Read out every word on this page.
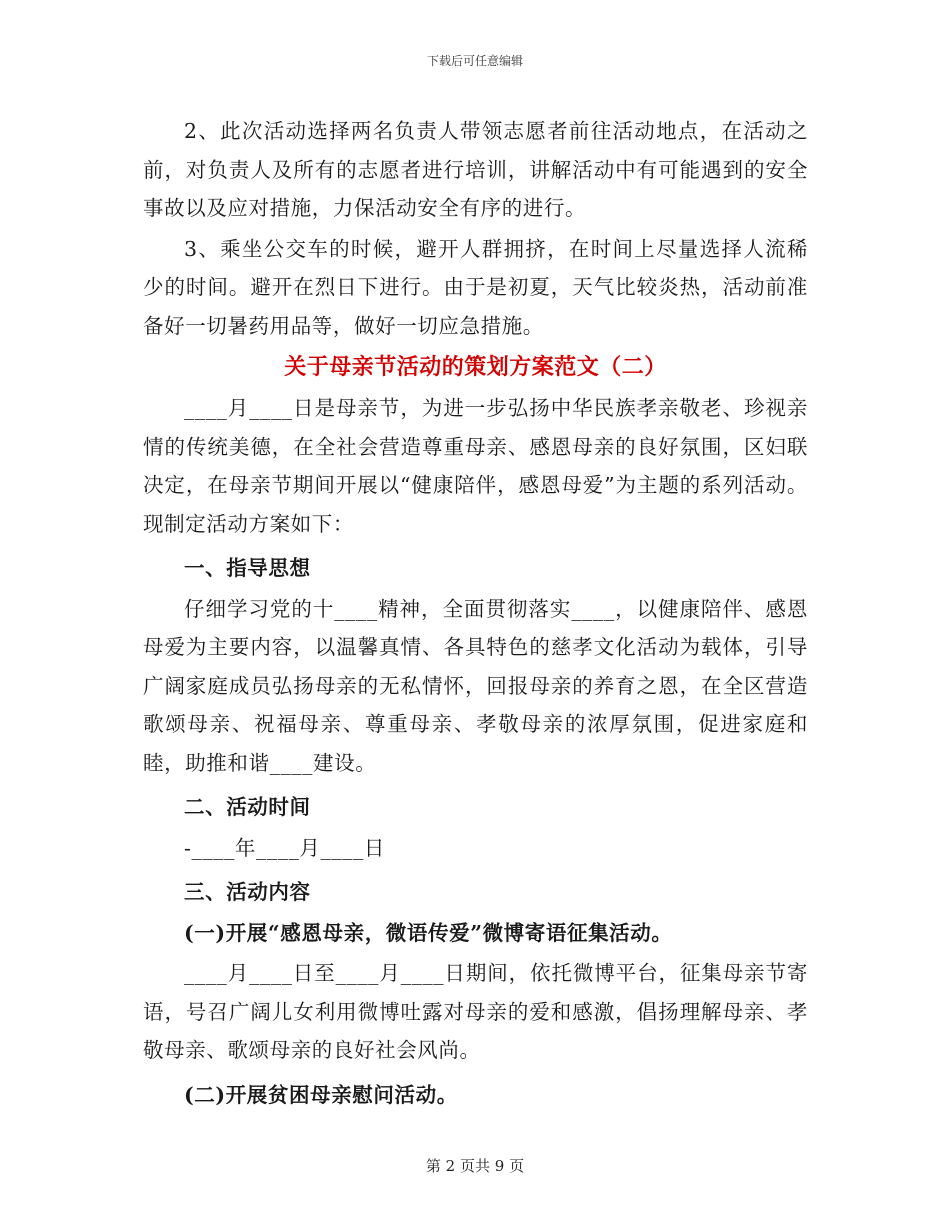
下载后可任意编辑

2、此次活动选择两名负责人带领志愿者前往活动地点，在活动之前，对负责人及所有的志愿者进行培训，讲解活动中有可能遇到的安全事故以及应对措施，力保活动安全有序的进行。

3、乘坐公交车的时候，避开人群拥挤，在时间上尽量选择人流稀少的时间。避开在烈日下进行。由于是初夏，天气比较炎热，活动前准备好一切暑药用品等，做好一切应急措施。

关于母亲节活动的策划方案范文（二）

____月____日是母亲节，为进一步弘扬中华民族孝亲敬老、珍视亲情的传统美德，在全社会营造尊重母亲、感恩母亲的良好氛围，区妇联决定，在母亲节期间开展以“健康陪伴，感恩母爱”为主题的系列活动。现制定活动方案如下：

一、指导思想

仔细学习党的十____精神，全面贯彻落实____，以健康陪伴、感恩母爱为主要内容，以温馨真情、各具特色的慈孝文化活动为载体，引导广阔家庭成员弘扬母亲的无私情怀，回报母亲的养育之恩，在全区营造歌颂母亲、祝福母亲、尊重母亲、孝敬母亲的浓厚氛围，促进家庭和睦，助推和谐____建设。

二、活动时间

-____年____月____日

三、活动内容

(一)开展“感恩母亲，微语传爱”微博寄语征集活动。

____月____日至____月____日期间，依托微博平台，征集母亲节寄语，号召广阔儿女利用微博吐露对母亲的爱和感激，倡扬理解母亲、孝敬母亲、歌颂母亲的良好社会风尚。

(二)开展贫困母亲慰问活动。

第 2 页共 9 页
